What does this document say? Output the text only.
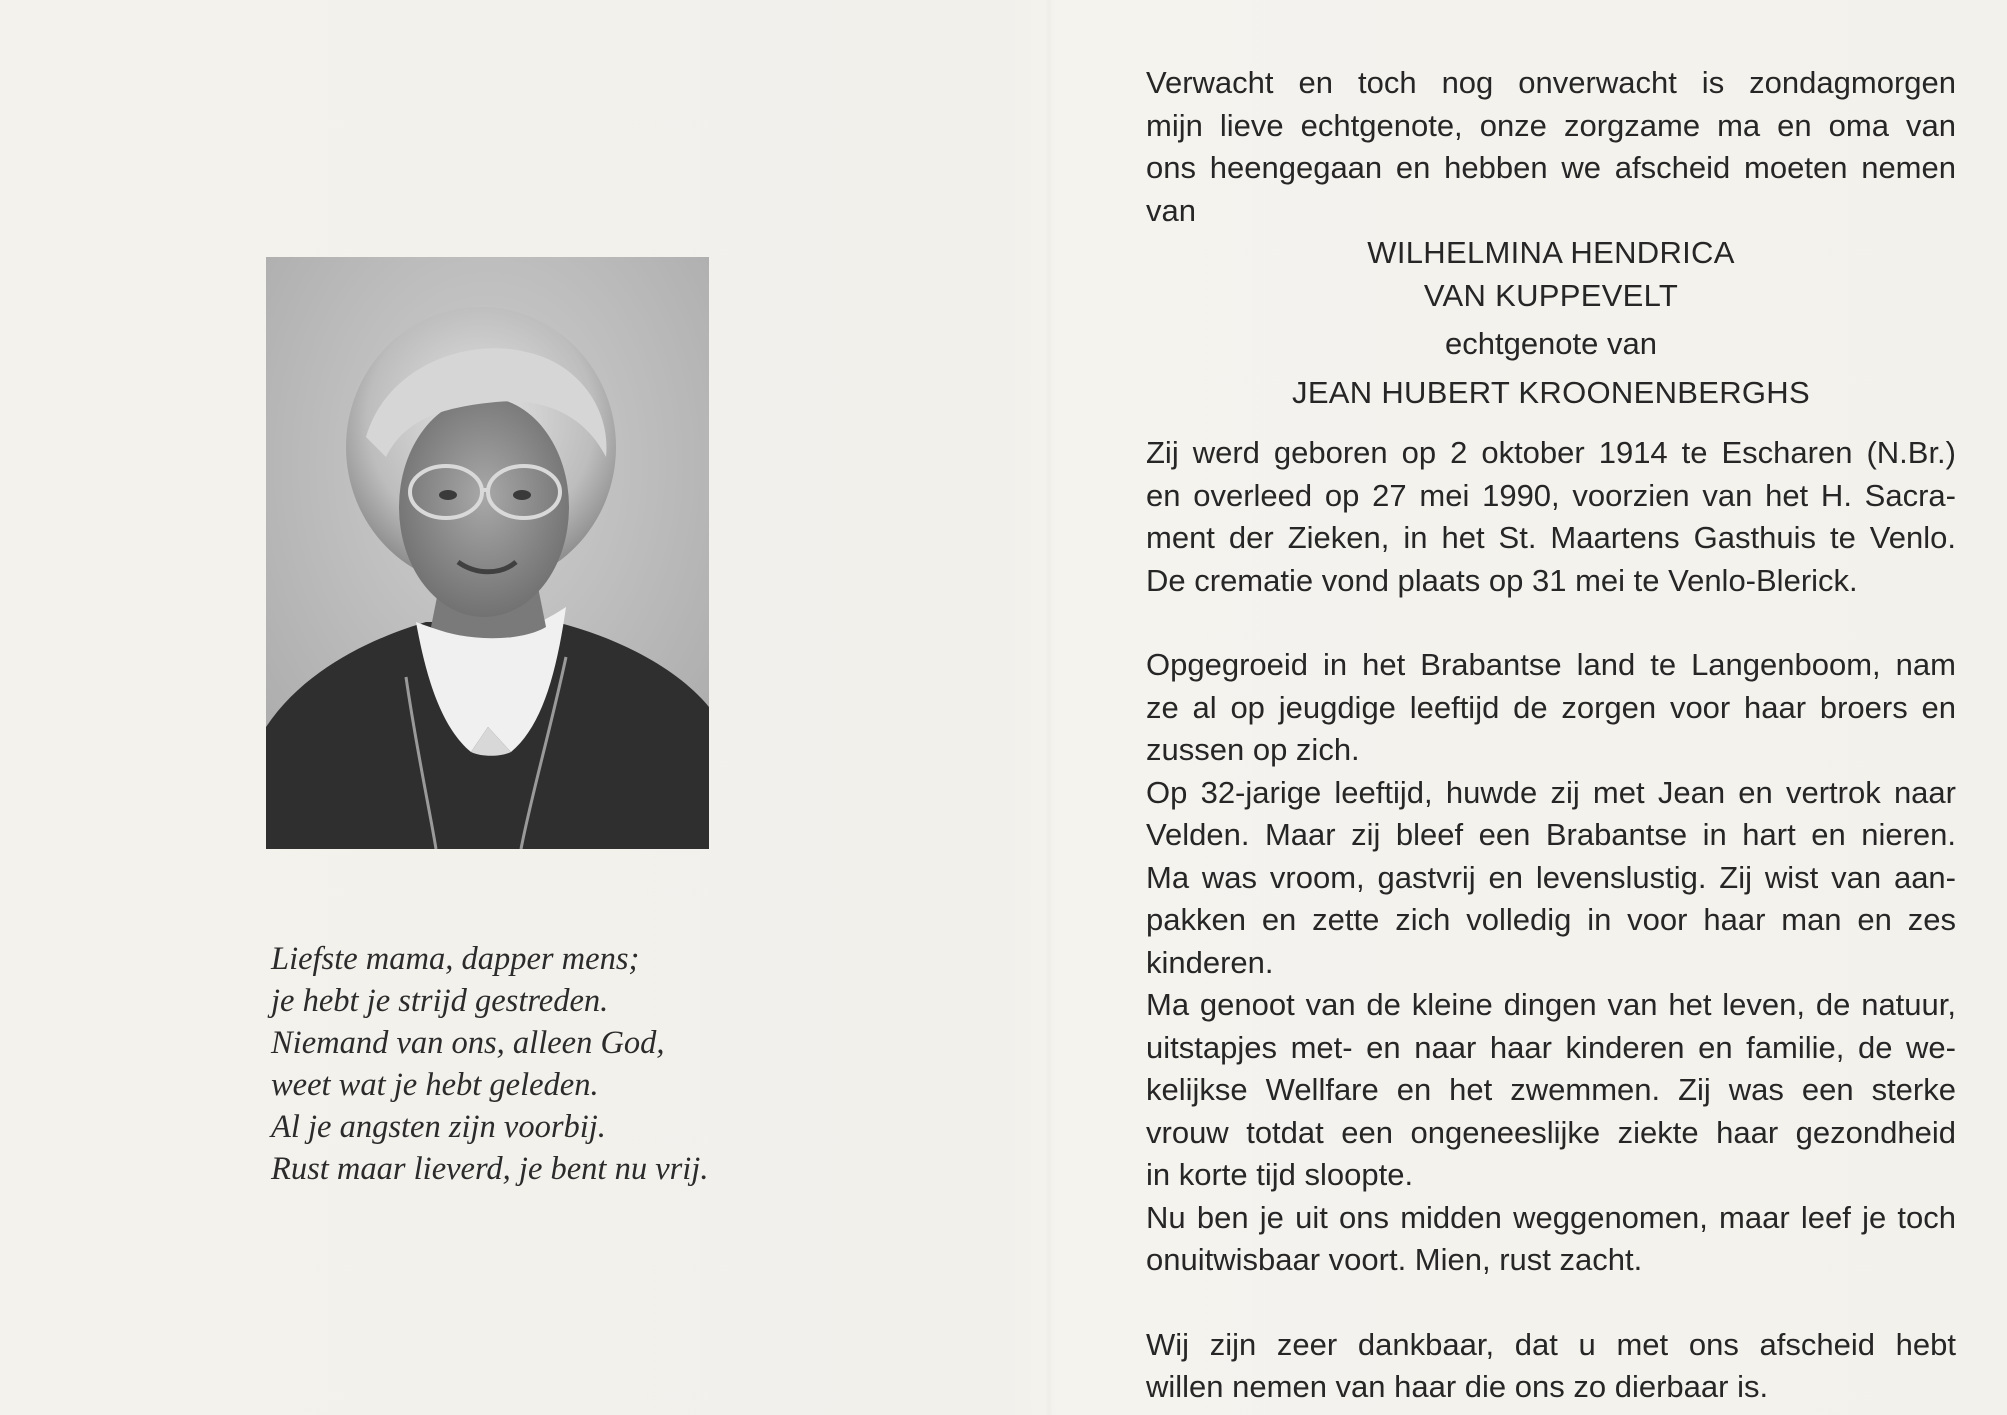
Liefste mama, dapper mens;
je hebt je strijd gestreden.
Niemand van ons, alleen God,
weet wat je hebt geleden.
Al je angsten zijn voorbij.
Rust maar lieverd, je bent nu vrij.
Verwacht en toch nog onverwacht is zondagmorgen
mijn lieve echtgenote, onze zorgzame ma en oma van
ons heengegaan en hebben we afscheid moeten nemen
van
WILHELMINA HENDRICA
VAN KUPPEVELT
echtgenote van
JEAN HUBERT KROONENBERGHS
Zij werd geboren op 2 oktober 1914 te Escharen (N.Br.)
en overleed op 27 mei 1990, voorzien van het H. Sacra-
ment der Zieken, in het St. Maartens Gasthuis te Venlo.
De crematie vond plaats op 31 mei te Venlo-Blerick.
Opgegroeid in het Brabantse land te Langenboom, nam
ze al op jeugdige leeftijd de zorgen voor haar broers en
zussen op zich.
Op 32-jarige leeftijd, huwde zij met Jean en vertrok naar
Velden. Maar zij bleef een Brabantse in hart en nieren.
Ma was vroom, gastvrij en levenslustig. Zij wist van aan-
pakken en zette zich volledig in voor haar man en zes
kinderen.
Ma genoot van de kleine dingen van het leven, de natuur,
uitstapjes met- en naar haar kinderen en familie, de we-
kelijkse Wellfare en het zwemmen. Zij was een sterke
vrouw totdat een ongeneeslijke ziekte haar gezondheid
in korte tijd sloopte.
Nu ben je uit ons midden weggenomen, maar leef je toch
onuitwisbaar voort. Mien, rust zacht.
Wij zijn zeer dankbaar, dat u met ons afscheid hebt
willen nemen van haar die ons zo dierbaar is.
